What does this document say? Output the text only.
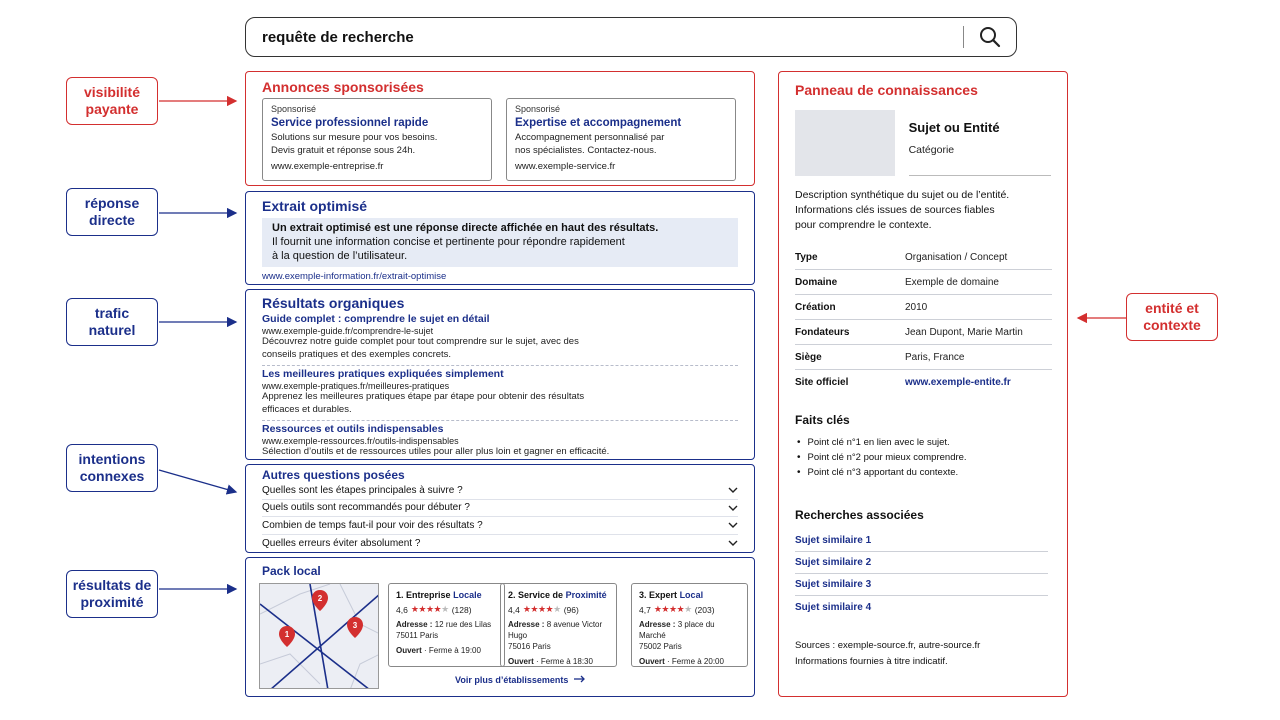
requête de recherche
visibilité payante
réponse directe
trafic naturel
intentions connexes
résultats de proximité
entité et contexte
Annonces sponsorisées
Sponsorisé
Service professionnel rapide
Solutions sur mesure pour vos besoins.
Devis gratuit et réponse sous 24h.
www.exemple-entreprise.fr
Sponsorisé
Expertise et accompagnement
Accompagnement personnalisé par
nos spécialistes. Contactez-nous.
www.exemple-service.fr
Extrait optimisé
Un extrait optimisé est une réponse directe affichée en haut des résultats.
Il fournit une information concise et pertinente pour répondre rapidement
à la question de l’utilisateur.
www.exemple-information.fr/extrait-optimise
Résultats organiques
Guide complet : comprendre le sujet en détail
www.exemple-guide.fr/comprendre-le-sujet
Découvrez notre guide complet pour tout comprendre sur le sujet, avec des
conseils pratiques et des exemples concrets.
Les meilleures pratiques expliquées simplement
www.exemple-pratiques.fr/meilleures-pratiques
Apprenez les meilleures pratiques étape par étape pour obtenir des résultats
efficaces et durables.
Ressources et outils indispensables
www.exemple-ressources.fr/outils-indispensables
Sélection d’outils et de ressources utiles pour aller plus loin et gagner en efficacité.
Autres questions posées
Quelles sont les étapes principales à suivre ?
Quels outils sont recommandés pour débuter ?
Combien de temps faut-il pour voir des résultats ?
Quelles erreurs éviter absolument ?
Pack local
1
2
3
1. Entreprise Locale
4,6 ★★★★★ (128)
Adresse : 12 rue des Lilas
75011 Paris
Ouvert · Ferme à 19:00
2. Service de Proximité
4,4 ★★★★★ (96)
Adresse : 8 avenue Victor Hugo
75016 Paris
Ouvert · Ferme à 18:30
3. Expert Local
4,7 ★★★★★ (203)
Adresse : 3 place du Marché
75002 Paris
Ouvert · Ferme à 20:00
Voir plus d’établissements
Panneau de connaissances
Sujet ou Entité
Catégorie
Description synthétique du sujet ou de l’entité.
Informations clés issues de sources fiables
pour comprendre le contexte.
Type	Organisation / Concept
Domaine	Exemple de domaine
Création	2010
Fondateurs	Jean Dupont, Marie Martin
Siège	Paris, France
Site officiel	www.exemple-entite.fr
Faits clés
• Point clé n°1 en lien avec le sujet.
• Point clé n°2 pour mieux comprendre.
• Point clé n°3 apportant du contexte.
Recherches associées
Sujet similaire 1
Sujet similaire 2
Sujet similaire 3
Sujet similaire 4
Sources : exemple-source.fr, autre-source.fr
Informations fournies à titre indicatif.
